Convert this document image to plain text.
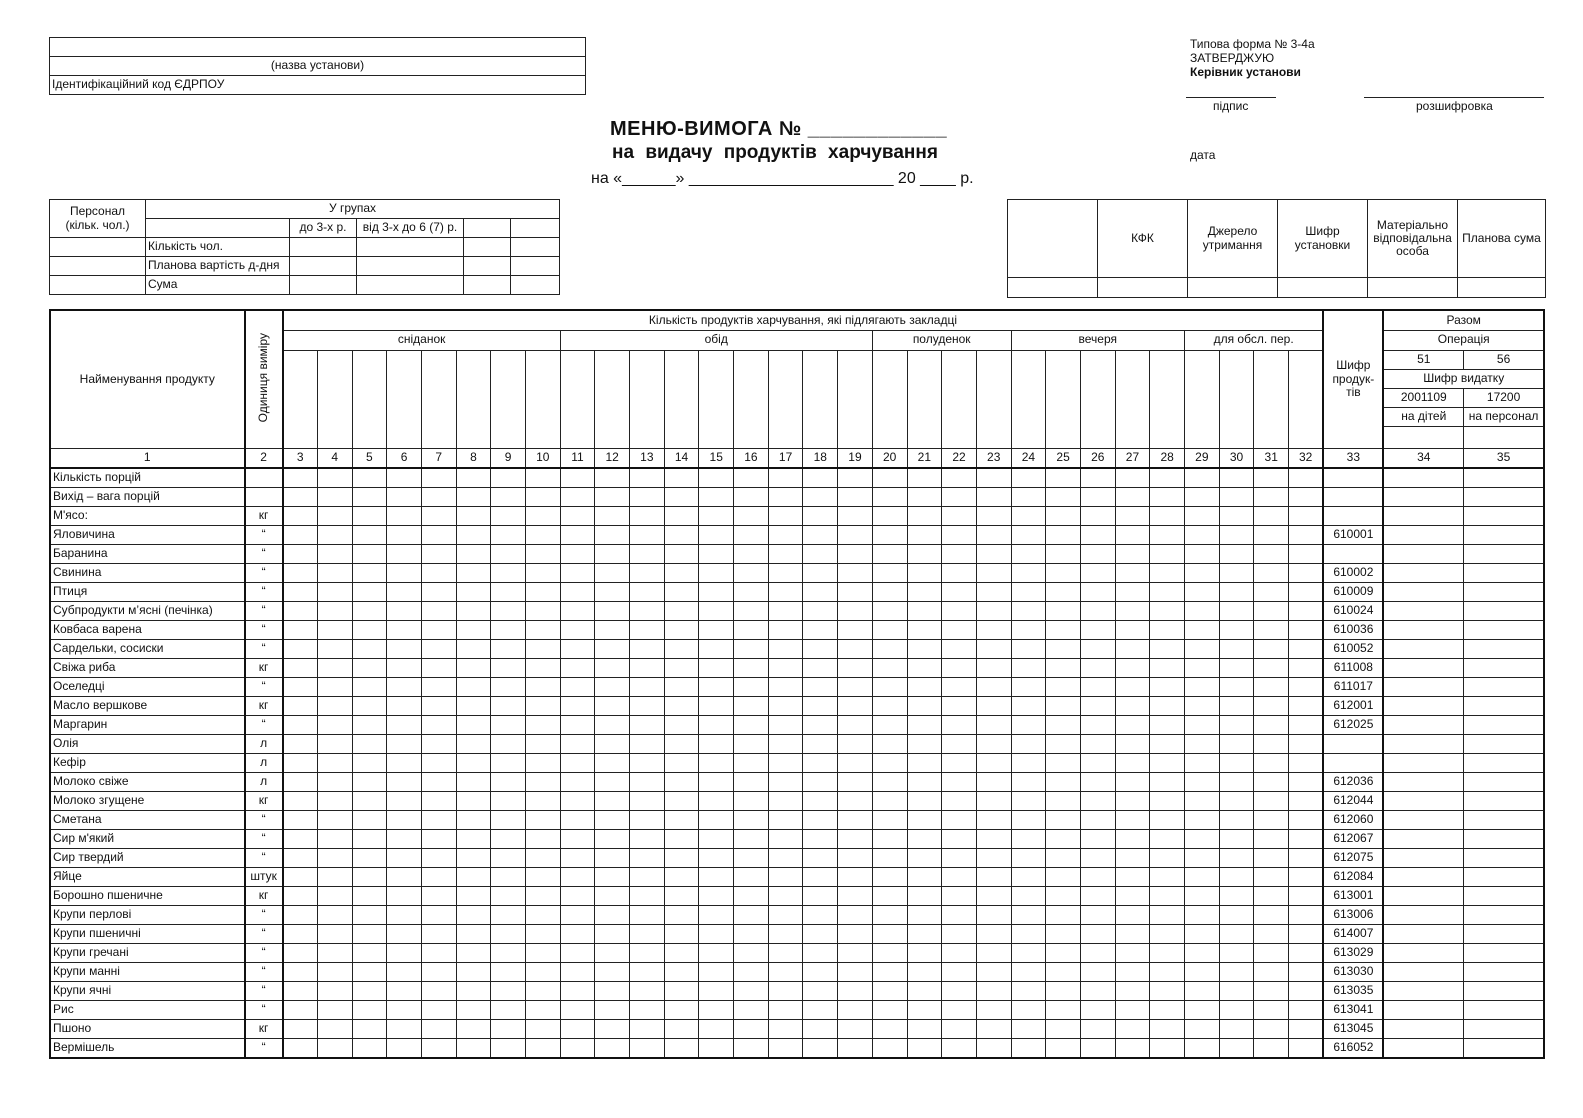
(назва установи)
Ідентифікаційний код ЄДРПОУ
Типова форма № 3-4а
ЗАТВЕРДЖУЮ
Керівник установи
підпис	розшифровка
дата
МЕНЮ-ВИМОГА № ____________
на видачу продуктів харчування
на «______» _______________________ 20 ____ р.
Персонал (кільк. чол.)	У групах				
		до 3-х р.	від 3-х до 6 (7) р.		
	Кількість чол.				
	Планова вартість д-дня				
	Сума				
	КФК	Джерело утримання	Шифр установки	Матеріально відповідальна особа	Планова сума

Найменування продукту	Одиниця виміру	Кількість продуктів харчування, які підлягають закладці																														Шифр продук-тів	Разом	
		сніданок								обід									полуденок				вечеря					для обсл. пер.					Операція	
																																	51	56
																																	Шифр видатку	
																																	2001109	17200
																																	на дітей	на персонал

1	2	3	4	5	6	7	8	9	10	11	12	13	14	15	16	17	18	19	20	21	22	23	24	25	26	27	28	29	30	31	32	33	34	35
Кількість порцій																																		
Вихід – вага порцій																																		
М'ясо:	кг																																	
Яловичина	“																															610001		
Баранина	“																																	
Свинина	“																															610002		
Птиця	“																															610009		
Субпродукти м’ясні (печінка)	“																															610024		
Ковбаса варена	“																															610036		
Сардельки, сосиски	“																															610052		
Свіжа риба	кг																															611008		
Оселедці	“																															611017		
Масло вершкове	кг																															612001		
Маргарин	“																															612025		
Олія	л																																	
Кефір	л																																	
Молоко свіже	л																															612036		
Молоко згущене	кг																															612044		
Сметана	“																															612060		
Сир м'який	“																															612067		
Сир твердий	“																															612075		
Яйце	штук																															612084		
Борошно пшеничне	кг																															613001		
Крупи перлові	“																															613006		
Крупи пшеничні	“																															614007		
Крупи гречані	“																															613029		
Крупи манні	“																															613030		
Крупи ячні	“																															613035		
Рис	“																															613041		
Пшоно	кг																															613045		
Вермішель	“																															616052		
